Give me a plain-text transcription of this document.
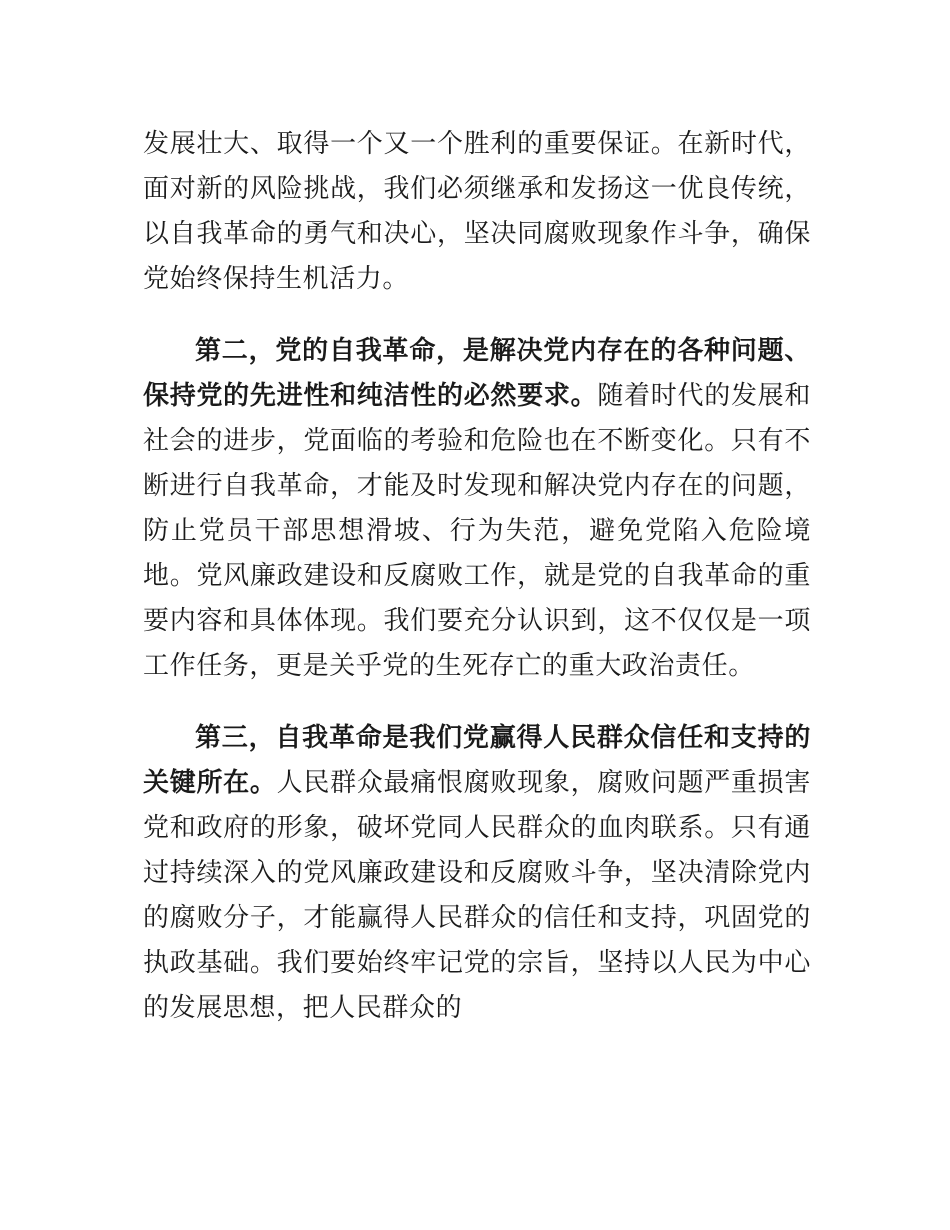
发展壮大、取得一个又一个胜利的重要保证。在新时代，面对新的风险挑战，我们必须继承和发扬这一优良传统，以自我革命的勇气和决心，坚决同腐败现象作斗争，确保党始终保持生机活力。

第二，党的自我革命，是解决党内存在的各种问题、保持党的先进性和纯洁性的必然要求。随着时代的发展和社会的进步，党面临的考验和危险也在不断变化。只有不断进行自我革命，才能及时发现和解决党内存在的问题，防止党员干部思想滑坡、行为失范，避免党陷入危险境地。党风廉政建设和反腐败工作，就是党的自我革命的重要内容和具体体现。我们要充分认识到，这不仅仅是一项工作任务，更是关乎党的生死存亡的重大政治责任。

第三，自我革命是我们党赢得人民群众信任和支持的关键所在。人民群众最痛恨腐败现象，腐败问题严重损害党和政府的形象，破坏党同人民群众的血肉联系。只有通过持续深入的党风廉政建设和反腐败斗争，坚决清除党内的腐败分子，才能赢得人民群众的信任和支持，巩固党的执政基础。我们要始终牢记党的宗旨，坚持以人民为中心的发展思想，把人民群众的
